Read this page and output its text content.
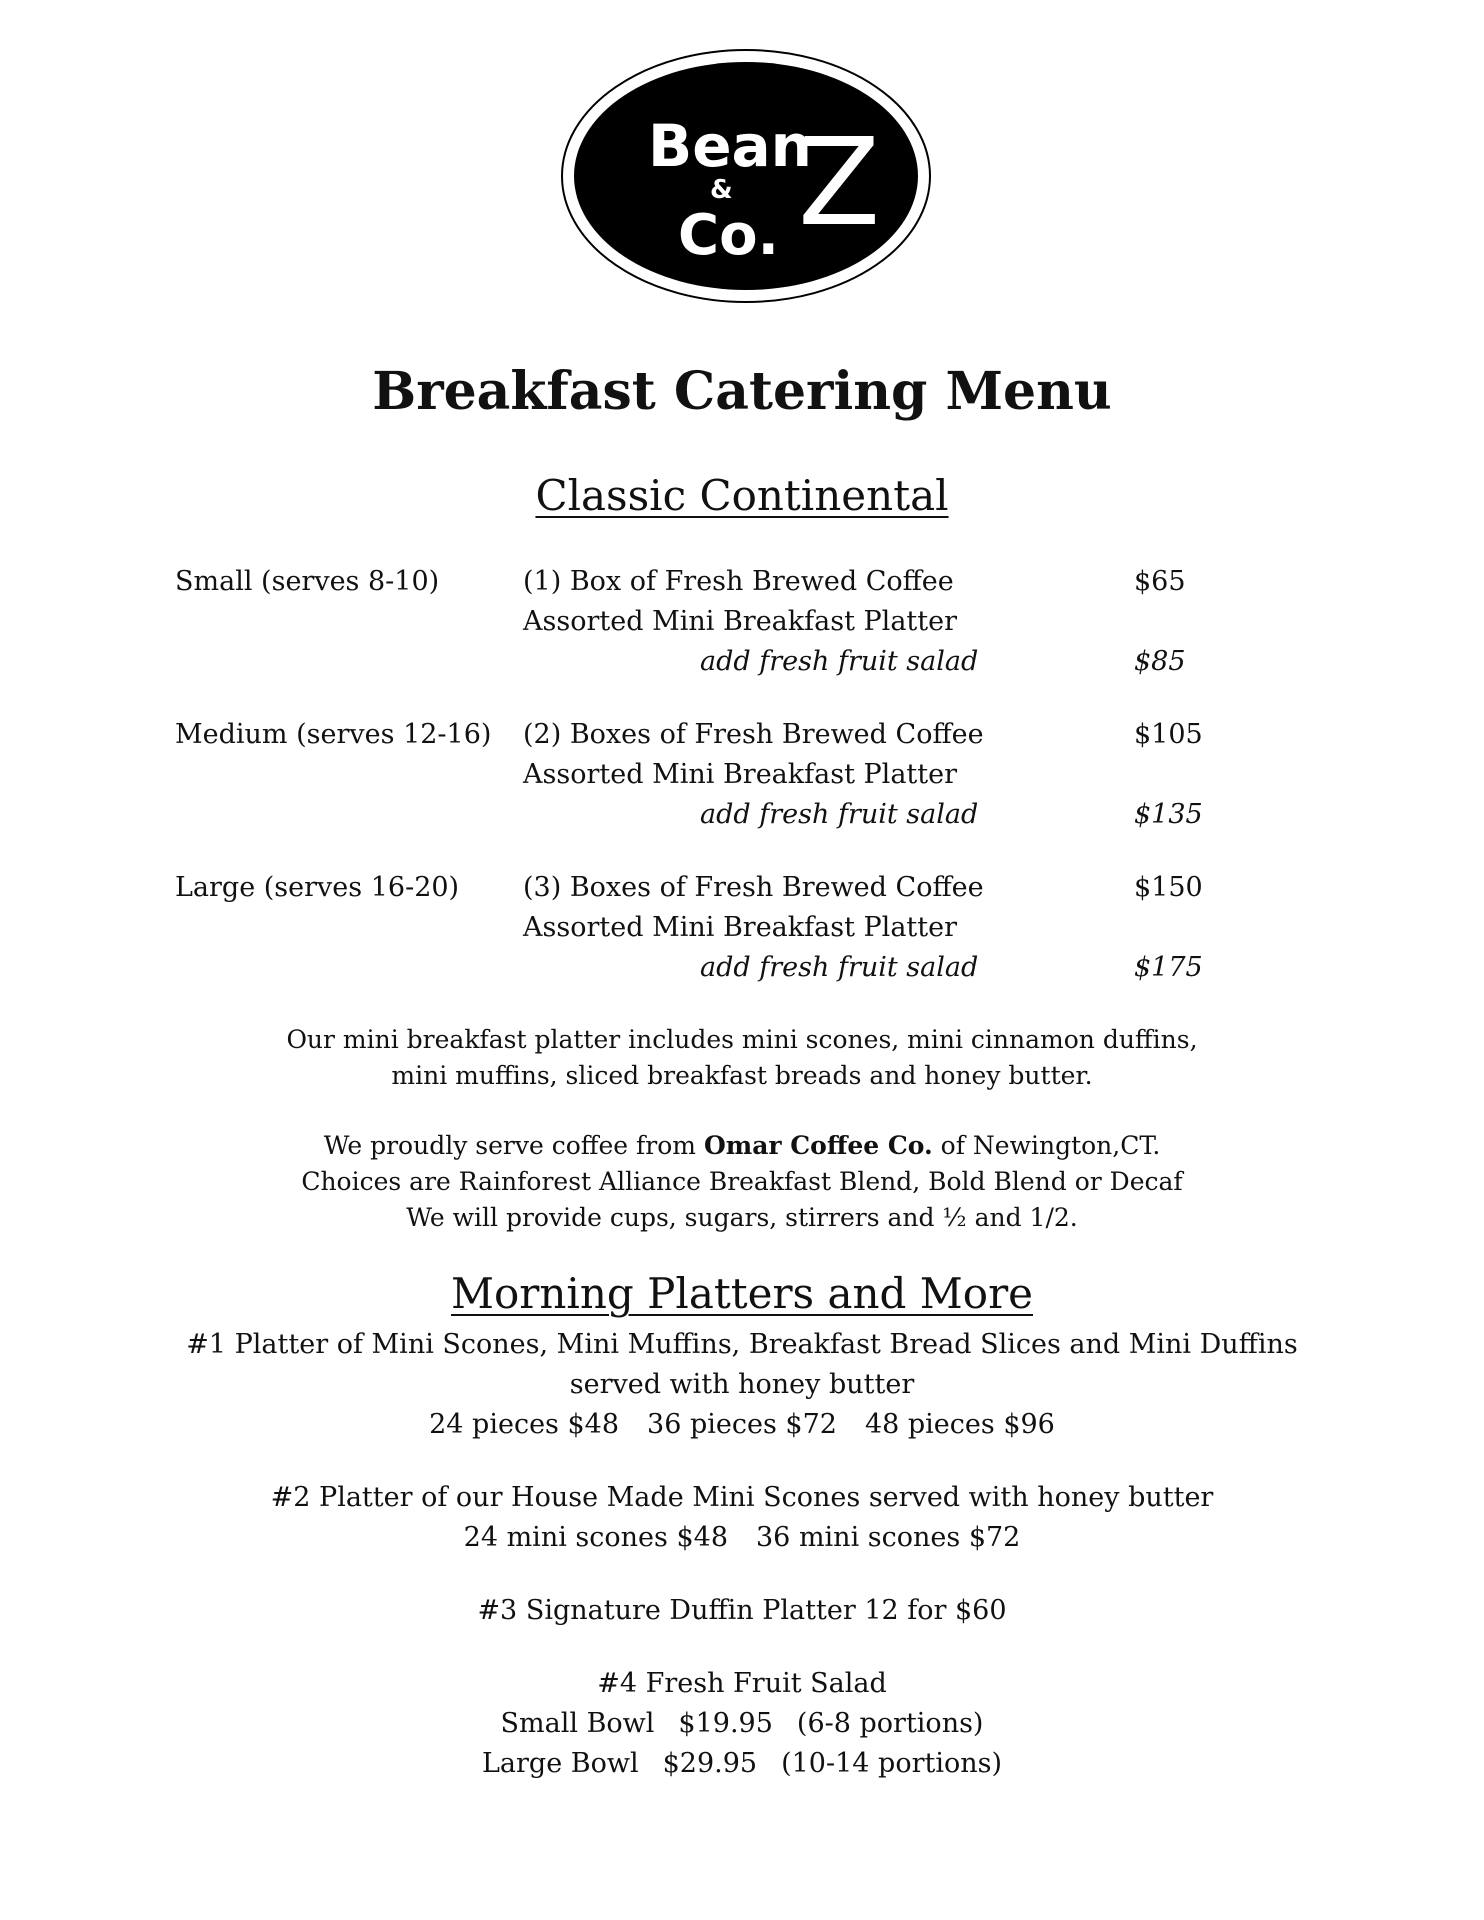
Bean
Z
&
Co.
Breakfast Catering Menu
Classic Continental
Small (serves 8-10)	(1) Box of Fresh Brewed Coffee	$65
Assorted Mini Breakfast Platter
add fresh fruit salad	$85
Medium (serves 12-16) (2) Boxes of Fresh Brewed Coffee	$105
Assorted Mini Breakfast Platter
add fresh fruit salad	$135
Large (serves 16-20) (3) Boxes of Fresh Brewed Coffee	$150
Assorted Mini Breakfast Platter
add fresh fruit salad	$175
Our mini breakfast platter includes mini scones, mini cinnamon duffins,
mini muffins, sliced breakfast breads and honey butter.
We proudly serve coffee from Omar Coffee Co. of Newington,CT.
Choices are Rainforest Alliance Breakfast Blend, Bold Blend or Decaf
We will provide cups, sugars, stirrers and ½ and 1/2.
Morning Platters and More
#1 Platter of Mini Scones, Mini Muffins, Breakfast Bread Slices and Mini Duffins
served with honey butter
24 pieces $48 36 pieces $72 48 pieces $96
#2 Platter of our House Made Mini Scones served with honey butter
24 mini scones $48 36 mini scones $72
#3 Signature Duffin Platter 12 for $60
#4 Fresh Fruit Salad
Small Bowl $19.95 (6-8 portions)
Large Bowl $29.95 (10-14 portions)
